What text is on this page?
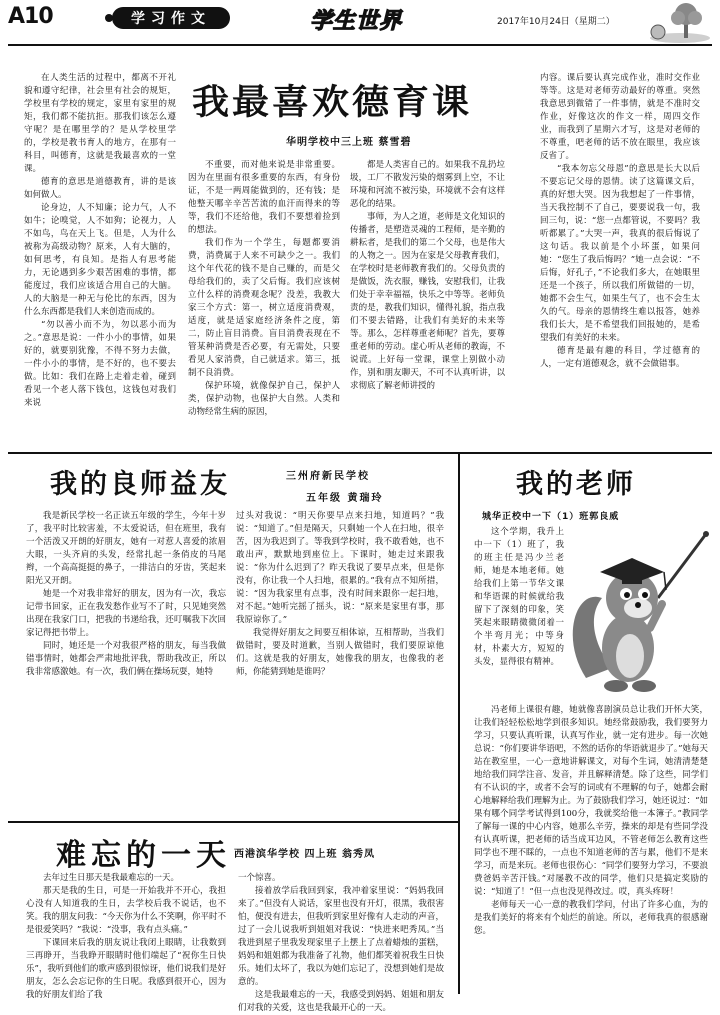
A10	学习作文	学生世界	2017年10月24日（星期二）
我最喜欢德育课
华明学校中三上班 蔡雪碧

在人类生活的过程中，都离不开礼貌和遵守纪律，社会里有社会的规矩，学校里有学校的规定，家里有家里的规矩，我们都不能抗拒。那我们该怎么遵守呢？是在哪里学的？是从学校里学的，学校是教书育人的地方，在那有一科目，叫德育，这就是我最喜欢的一堂课。

德育的意思是道德教育，讲的是该如何做人。

论身边，人不知廉；论力气，人不如牛；论嗅觉，人不如狗；论视力，人不如鸟，鸟在天上飞。但是，人为什么被称为高级动物？原来，人有大脑的，如何思考，有良知。是指人有思考能力，无论遇到多少艰苦困难的事情，都能度过，我们应该适合用自己的大脑。人的大脑是一种无与伦比的东西，因为什么东西都是我们人来创造而成的。

“勿以善小而不为，勿以恶小而为之。”意思是说：一件小小的事情，如果好的，就要别犹豫，不得不努力去做，一件小小的事情，是不好的，也不要去做。比如：我们在路上走着走着，碰到看见一个老人落下钱包，这钱包对我们来说

不重要，而对他来说是非常重要。因为在里面有很多重要的东西，有身份证，不是一两周能做到的，还有钱；是他整天哪辛辛苦苦流的血汗而得来的等等，我们不还给他，我们不要想着捡到的想法。

我们作为一个学生，每题都要消费，消费属于人来不可缺少之一。我们这个年代花的钱不是自己赚的，而是父母给我们的，卖了父后悔。我们应该树立什么样的消费观念呢？没差，我教大家三个方式：第一，树立适度消费观，适度，就是适家庭经济条件之度，第二，防止盲目消费。盲目消费表现在不管某种消费是否必要，有无需处，只要看见人家消费，自己就适求。第三，抵制不良消费。

保护环境，就像保护自己，保护人类，保护动物，也保护大自然。人类和动物经常生病的原因，

都是人类害自己的。如果我不乱扔垃圾，工厂不散发污染的烟雾到上空，不让环境和河流不被污染，环境就不会有这样恶化的结果。

事师，为人之道，老师是文化知识的传播者，是塑造灵魂的工程师，是辛勤的耕耘者，是我们的第二个父母，也是伟大的人物之一。因为在家是父母教育我们，在学校时是老师教育我们的。父母负责的是做饭，洗衣服，赚钱，安慰我们，让我们处于幸幸福福，快乐之中等等。老师负责的是，教我们知识，懂得礼貌，指点我们不要去错路，让我们有美好的未来等等。那么，怎样尊重老师呢？首先，要尊重老师的劳动。虚心听从老师的教诲，不说谎。上好每一堂课，课堂上别做小动作，别和朋友聊天，不可不认真听讲，以求彻底了解老师讲授的

内容。课后要认真完成作业，准时交作业等等。这是对老师劳动最好的尊重。突然我意思到微错了一件事情，就是不准时交作业，好像这次的作文一样，周四交作业，而我到了星期六才写，这是对老师的不尊重，吧老师的话不放在眼里，我应该反省了。

“我本勿忘父母恩”的意思是长大以后不要忘记父母的恩情。读了这篇课文后，真的好想大哭。因为我想起了一件事情，当天我控制不了自己，要要说我一句，我回三句，说：“您一点都管说，不要吗？我听都累了。”大哭一声，我真的很后悔说了这句话。我以前是个小坏蛋，如果问她：“您生了我后悔吗？”她一点会说：“不后悔，好孔子，”不论我们多大，在她眼里还是一个孩子，所以我们所做错的一切，她都不会生气，如果生气了，也不会生太久的气。母亲的恩情终生难以报答，她养我们长大，是不希望我们回报她的，是希望我们有美好的未来。

德育是最有趣的科目，学过德育的人，一定有道德观念，就不会做错事。

我的良师益友	三州府新民学校
五年级 黄瑞玲

我是新民学校一名正读五年级的学生，今年十岁了，我平时比较害羞，不太爱说话，但在班里，我有一个活泼又开朗的好朋友，她有一对惹人喜爱的浓眉大眼，一头齐肩的头发，经常扎起一条俏皮的马尾辫，一个高高挺挺的鼻子，一排洁白的牙齿，笑起来阳光又开朗。

她是一个对我非常好的朋友，因为有一次，我忘记带书回家，正在我发愁作业写不了时，只见她突然出现在我家门口，把我的书递给我，还叮嘱我下次回家记得把书带上。

同时，她还是一个对我很严格的朋友，每当我做错事情时，她都会严肃地批评我，帮助我改正，所以我非常感激她。有一次，我们俩在操场玩耍，她特

过头对我说：“明天你要早点来扫地，知道吗？”我说：“知道了。”但是隔天，只剩她一个人在扫地，很辛苦，因为我迟到了。等我到学校时，我不敢看她，也不敢出声，默默地到座位上。下课时，她走过来跟我说：“你为什么迟到了？昨天我说了要早点来，但是你没有，你让我一个人扫地，很累的。”我有点不知所措，说：“因为我家里有点事，没有时间来跟你一起扫地，对不起。”她听完摇了摇头，说：“原来是家里有事，那我原谅你了。”

我觉得好朋友之间要互相体谅，互相帮助，当我们做错时，要及时道歉，当别人做错时，我们要原谅他们。这就是我的好朋友，她像我的朋友，也像我的老师，你能猜到她是谁吗？

我的老师
城华正校中一下（1）班郭良威

这个学期，我升上中一下（1）班了，我的班主任是冯少兰老师，她是本地老师。她给我们上第一节华文课和华语课的时候就给我留下了深刻的印象，笑笑起来眼睛微微闭着一个半弯月光；中等身材，朴素大方，短短的头发，显得很有精神。

冯老师上课很有趣，她就像喜剧演员总让我们开怀大笑，让我们轻轻松松地学到很多知识。她经常鼓励我，我们要努力学习，只要认真听课，认真写作业，就一定有进步。每一次她总说：“你们要讲华语吧，不然的话你的华语就退步了。”她每天站在教室里，一心一意地讲解课文，对每个生词，她清清楚楚地给我们同学注音、发音，并且解释清楚。除了这些，同学们有不认识的字，或者不会写的词或有不理解的句子，她都会耐心地解释给我们理解为止。为了鼓励我们学习，她还说过：“如果有哪个同学考试得到100分，我就奖给他一本簿子。”教同学了解每一课的中心内容，她那么辛劳，操来的却是有些同学没有认真听课，把老师的话当成耳边风，不管老师怎么教育这些同学也不理不睬的，一点也不知道老师的苦与累，他们不是来学习，而是来玩。老师也很伤心：“同学们要努力学习，不要浪费爸妈辛苦汗钱。”对屡教不改的同学，他们只是搞定奖励的说：“知道了！”但一点也没见得改过。哎，真头疼呀！

老师每天一心一意的教我们学问，付出了许多心血，为的是我们美好的将来有个灿烂的前途。所以，老师我真的很感谢您。

难忘的一天 西港滨华学校 四上班 翁秀凤

去年过生日那天是我最难忘的一天。

那天是我的生日，可是一开始我并不开心，我担心没有人知道我的生日，去学校后我不说话，也不笑。我的朋友问我：“今天你为什么不笑啊，你平时不是很爱笑吗？”我说：“没事，我有点头痛。”

下课回来后我的朋友说让我闭上眼睛，让我数到三再睁开，当我睁开眼睛时他们端起了“祝你生日快乐”，我听到他们的歌声感到很惊讶，他们说我们是好朋友，怎么会忘记你的生日呢。我感到很开心，因为我的好朋友们给了我

一个惊喜。

接着放学后我回到家，我冲着家里说：“妈妈我回来了。”但没有人说话，家里也没有开灯，很黑，我很害怕，便没有进去，但我听到家里好像有人走动的声音，过了一会儿说我听到姐姐对我说：“快进来吧秀凤。”当我进到屋子里我发现家里子上摆上了点着蜡烛的蛋糕，妈妈和姐姐都为我准备了礼物，他们都笑着祝我生日快乐。她们太坏了，我以为她们忘记了，没想到她们是故意的。

这是我最难忘的一天，我感受到妈妈、姐姐和朋友们对我的关爱，这也是我最开心的一天。
